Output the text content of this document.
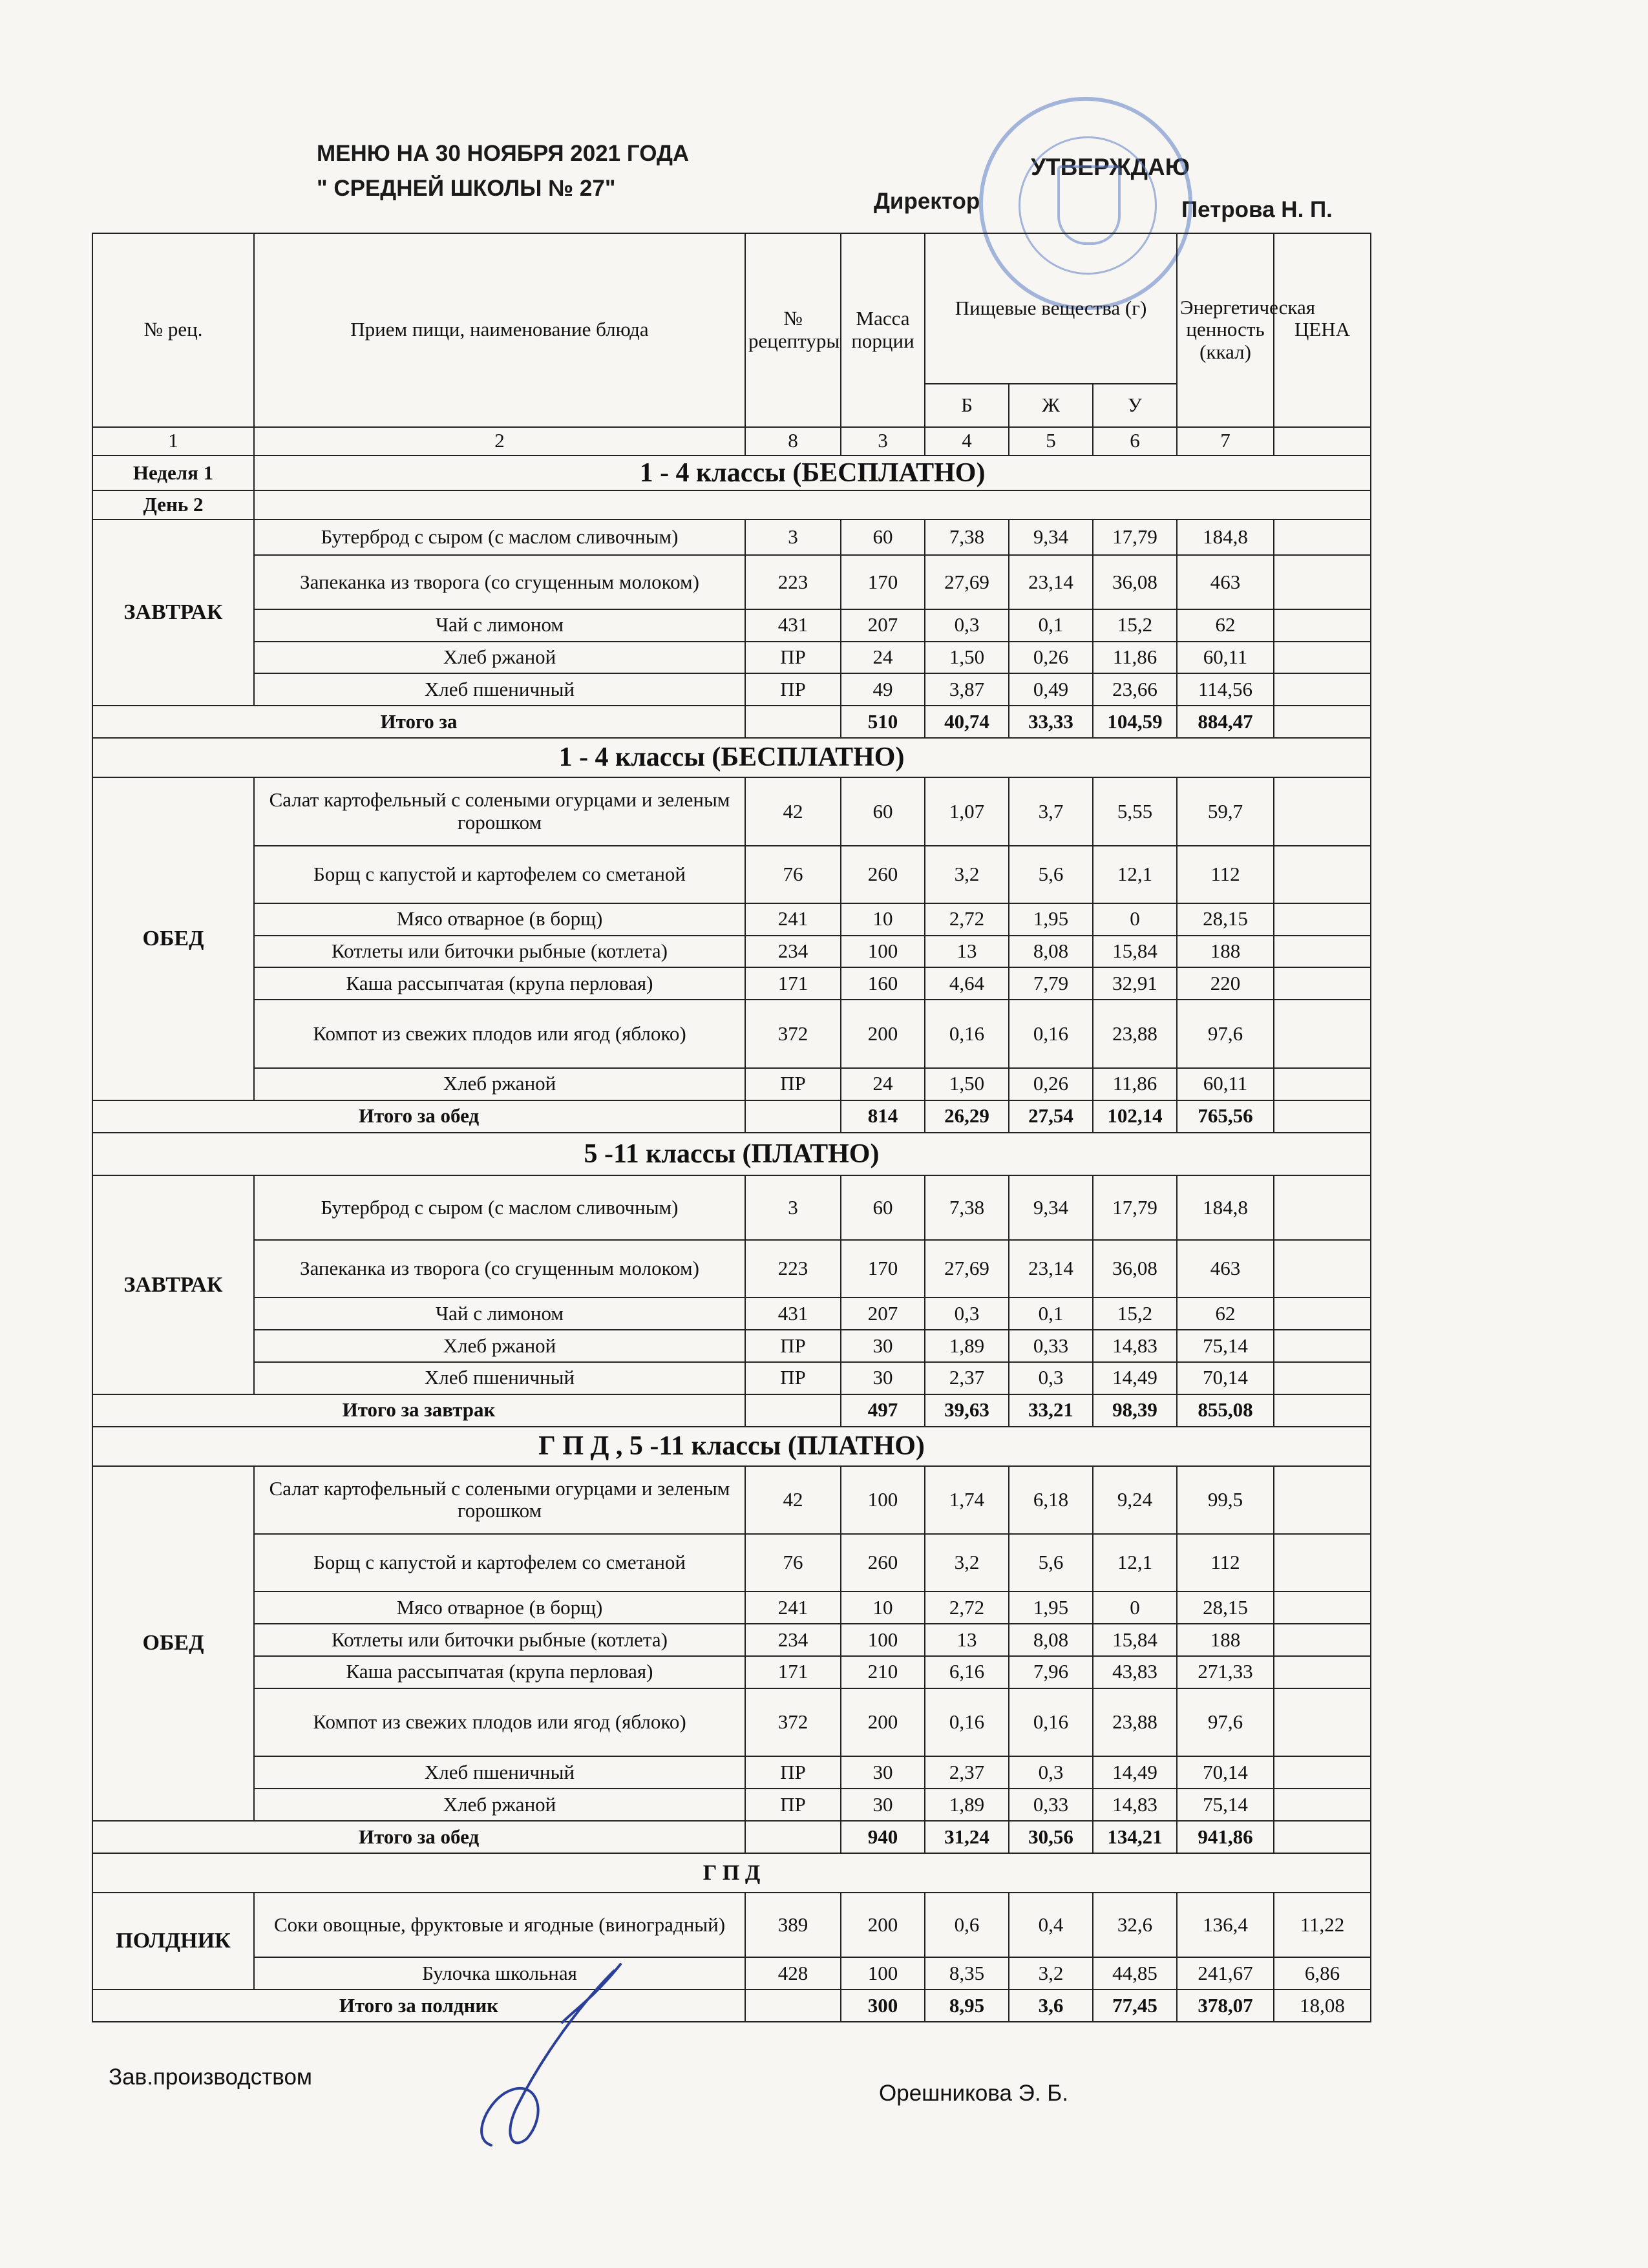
МЕНЮ НА 30 НОЯБРЯ 2021 ГОДА
" СРЕДНЕЙ ШКОЛЫ № 27"
УТВЕРЖДАЮ
Директор	Петрова Н. П.
№ рец.	Прием пищи, наименование блюда	№ рецептуры	Масса порции	Пищевые вещества (г)			Энергетическая ценность (ккал)	ЦЕНА
				Б	Ж	У		
1	2	8	3	4	5	6	7	
Неделя 1	1 - 4 классы (БЕСПЛАТНО)							
День 2								
ЗАВТРАК	Бутерброд с сыром (с маслом сливочным)	3	60	7,38	9,34	17,79	184,8	
	Запеканка из творога (со сгущенным молоком)	223	170	27,69	23,14	36,08	463	
	Чай с лимоном	431	207	0,3	0,1	15,2	62	
	Хлеб ржаной	ПР	24	1,50	0,26	11,86	60,11	
	Хлеб пшеничный	ПР	49	3,87	0,49	23,66	114,56	
Итого за			510	40,74	33,33	104,59	884,47	
1 - 4 классы (БЕСПЛАТНО)								
ОБЕД	Салат картофельный с солеными огурцами и зеленым горошком	42	60	1,07	3,7	5,55	59,7	
	Борщ с капустой и картофелем со сметаной	76	260	3,2	5,6	12,1	112	
	Мясо отварное (в борщ)	241	10	2,72	1,95	0	28,15	
	Котлеты или биточки рыбные (котлета)	234	100	13	8,08	15,84	188	
	Каша рассыпчатая (крупа перловая)	171	160	4,64	7,79	32,91	220	
	Компот из свежих плодов или ягод (яблоко)	372	200	0,16	0,16	23,88	97,6	
	Хлеб ржаной	ПР	24	1,50	0,26	11,86	60,11	
Итого за обед			814	26,29	27,54	102,14	765,56	
5 -11 классы (ПЛАТНО)								
ЗАВТРАК	Бутерброд с сыром (с маслом сливочным)	3	60	7,38	9,34	17,79	184,8	
	Запеканка из творога (со сгущенным молоком)	223	170	27,69	23,14	36,08	463	
	Чай с лимоном	431	207	0,3	0,1	15,2	62	
	Хлеб ржаной	ПР	30	1,89	0,33	14,83	75,14	
	Хлеб пшеничный	ПР	30	2,37	0,3	14,49	70,14	
Итого за завтрак			497	39,63	33,21	98,39	855,08	
Г П Д , 5 -11 классы (ПЛАТНО)								
ОБЕД	Салат картофельный с солеными огурцами и зеленым горошком	42	100	1,74	6,18	9,24	99,5	
	Борщ с капустой и картофелем со сметаной	76	260	3,2	5,6	12,1	112	
	Мясо отварное (в борщ)	241	10	2,72	1,95	0	28,15	
	Котлеты или биточки рыбные (котлета)	234	100	13	8,08	15,84	188	
	Каша рассыпчатая (крупа перловая)	171	210	6,16	7,96	43,83	271,33	
	Компот из свежих плодов или ягод (яблоко)	372	200	0,16	0,16	23,88	97,6	
	Хлеб пшеничный	ПР	30	2,37	0,3	14,49	70,14	
	Хлеб ржаной	ПР	30	1,89	0,33	14,83	75,14	
Итого за обед			940	31,24	30,56	134,21	941,86	
Г П Д								
ПОЛДНИК	Соки овощные, фруктовые и ягодные (виноградный)	389	200	0,6	0,4	32,6	136,4	11,22
	Булочка школьная	428	100	8,35	3,2	44,85	241,67	6,86
Итого за полдник			300	8,95	3,6	77,45	378,07	18,08
Зав.производством
Орешникова Э. Б.
